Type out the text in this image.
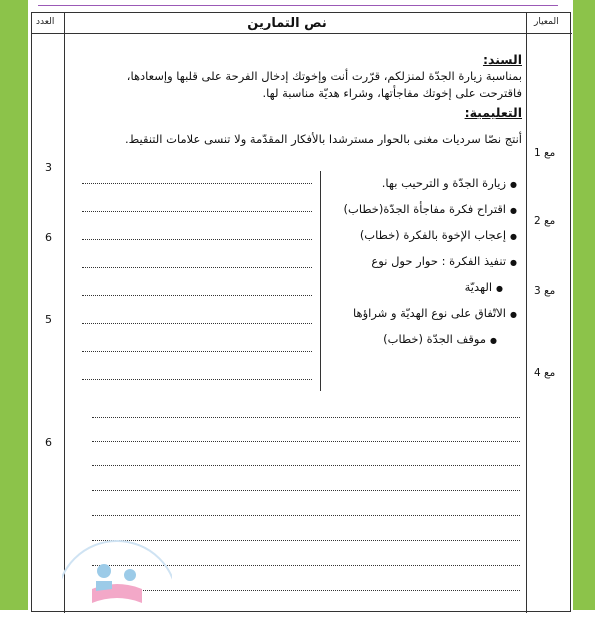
العدد	نص التمارين	المعيار
السند:
بمناسبة زيارة الجدّة لمنزلكم، قرّرت أنت وإخوتك إدخال الفرحة على قلبها وإسعادها،
فاقترحت على إخوتك مفاجأتها، وشراء هديّة مناسبة لها.
التعليمية:
أنتج نصّا سرديات مغنى بالحوار مسترشدا بالأفكار المقدّمة ولا تنسى علامات التنقيط.
● زيارة الجدّة و الترحيب بها.
● اقتراح فكرة مفاجأة الجدّة(خطاب)
● إعجاب الإخوة بالفكرة (خطاب)
● تنفيذ الفكرة : حوار حول نوع
● الهديّة
● الاتّفاق على نوع الهديّة و شراؤها
● موقف الجدّة (خطاب)
3
6
5
6
مع 1
مع 2
مع 3
مع 4
